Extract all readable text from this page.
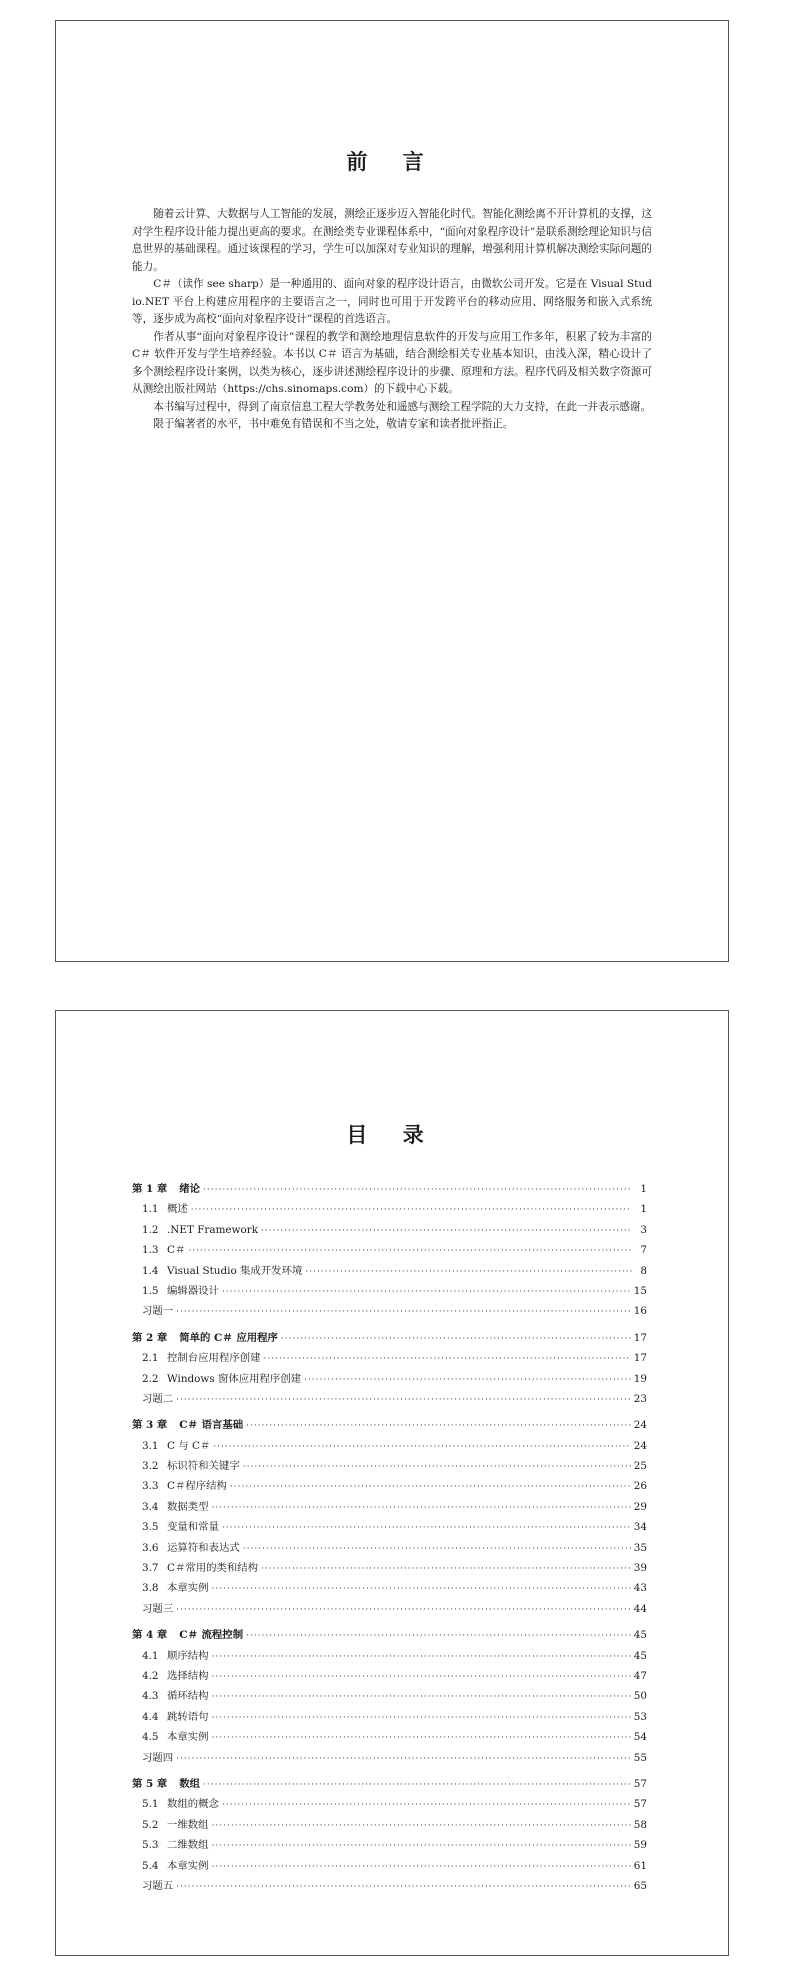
前 言

随着云计算、大数据与人工智能的发展，测绘正逐步迈入智能化时代。智能化测绘离不开计算机的支撑，这对学生程序设计能力提出更高的要求。在测绘类专业课程体系中，“面向对象程序设计”是联系测绘理论知识与信息世界的基础课程。通过该课程的学习，学生可以加深对专业知识的理解，增强利用计算机解决测绘实际问题的能力。

C＃（读作 see sharp）是一种通用的、面向对象的程序设计语言，由微软公司开发。它是在 Visual Studio.NET 平台上构建应用程序的主要语言之一，同时也可用于开发跨平台的移动应用、网络服务和嵌入式系统等，逐步成为高校“面向对象程序设计”课程的首选语言。

作者从事“面向对象程序设计”课程的教学和测绘地理信息软件的开发与应用工作多年，积累了较为丰富的 C＃ 软件开发与学生培养经验。本书以 C＃ 语言为基础，结合测绘相关专业基本知识，由浅入深，精心设计了多个测绘程序设计案例，以类为核心，逐步讲述测绘程序设计的步骤、原理和方法。程序代码及相关数字资源可从测绘出版社网站（https://chs.sinomaps.com）的下载中心下载。

本书编写过程中，得到了南京信息工程大学教务处和遥感与测绘工程学院的大力支持，在此一并表示感谢。

限于编著者的水平，书中难免有错误和不当之处，敬请专家和读者批评指正。

目 录
第 1 章 绪论 ·····	1
1.1 概述 ·····	1
1.2 .NET Framework ·····	3
1.3 C＃ ·····	7
1.4 Visual Studio 集成开发环境 ·····	8
1.5 编辑器设计 ·····	15
习题一 ·····	16
第 2 章 简单的 C＃ 应用程序 ·····	17
2.1 控制台应用程序创建 ·····	17
2.2 Windows 窗体应用程序创建 ·····	19
习题二 ·····	23
第 3 章 C＃ 语言基础 ·····	24
3.1 C 与 C＃ ·····	24
3.2 标识符和关键字 ·····	25
3.3 C＃程序结构 ·····	26
3.4 数据类型 ·····	29
3.5 变量和常量 ·····	34
3.6 运算符和表达式 ·····	35
3.7 C＃常用的类和结构 ·····	39
3.8 本章实例 ·····	43
习题三 ·····	44
第 4 章 C＃ 流程控制 ·····	45
4.1 顺序结构 ·····	45
4.2 选择结构 ·····	47
4.3 循环结构 ·····	50
4.4 跳转语句 ·····	53
4.5 本章实例 ·····	54
习题四 ·····	55
第 5 章 数组 ·····	57
5.1 数组的概念 ·····	57
5.2 一维数组 ·····	58
5.3 二维数组 ·····	59
5.4 本章实例 ·····	61
习题五 ·····	65
